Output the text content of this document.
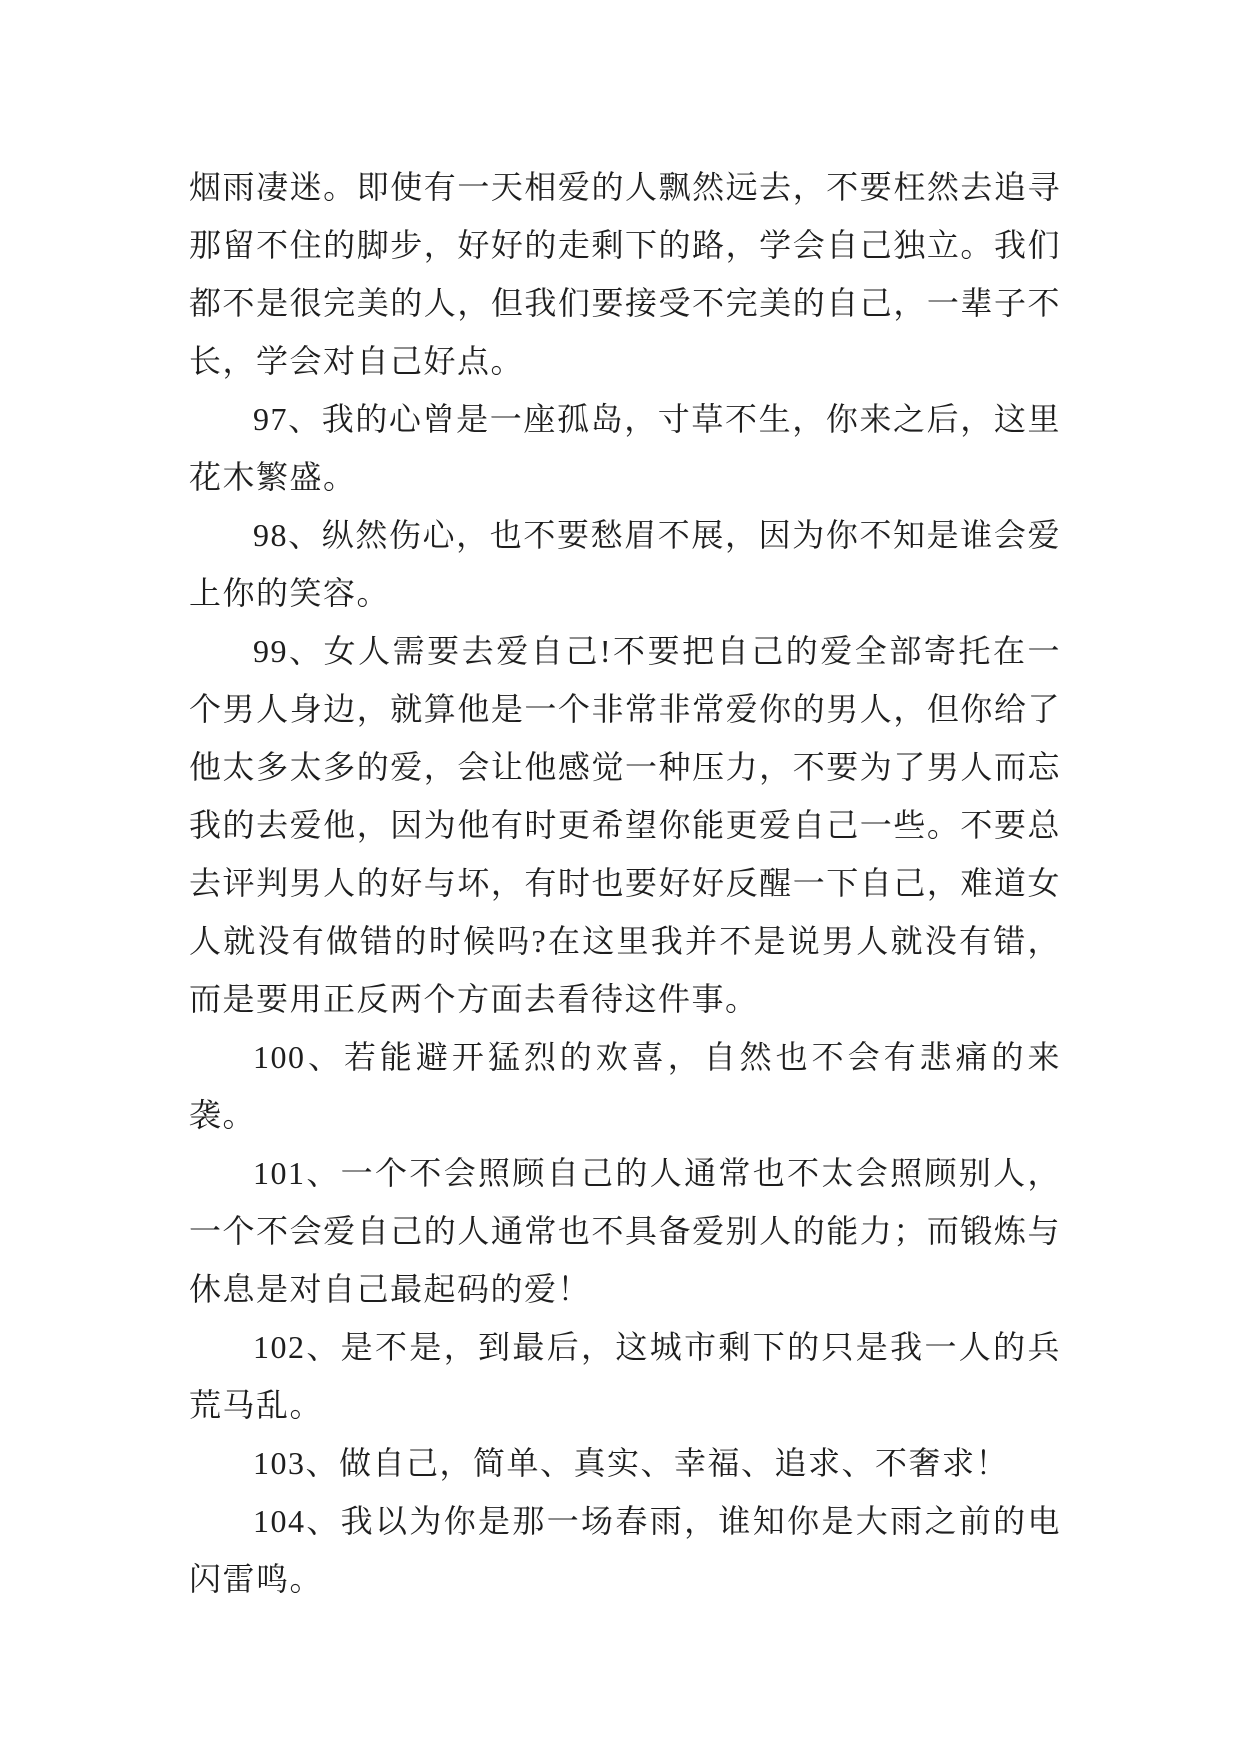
烟雨凄迷。即使有一天相爱的人飘然远去，不要枉然去追寻那留不住的脚步，好好的走剩下的路，学会自己独立。我们都不是很完美的人，但我们要接受不完美的自己，一辈子不长，学会对自己好点。

97、我的心曾是一座孤岛，寸草不生，你来之后，这里花木繁盛。

98、纵然伤心，也不要愁眉不展，因为你不知是谁会爱上你的笑容。

99、女人需要去爱自己!不要把自己的爱全部寄托在一个男人身边，就算他是一个非常非常爱你的男人，但你给了他太多太多的爱，会让他感觉一种压力，不要为了男人而忘我的去爱他，因为他有时更希望你能更爱自己一些。不要总去评判男人的好与坏，有时也要好好反醒一下自己，难道女人就没有做错的时候吗?在这里我并不是说男人就没有错，而是要用正反两个方面去看待这件事。

100、若能避开猛烈的欢喜，自然也不会有悲痛的来袭。

101、一个不会照顾自己的人通常也不太会照顾别人，一个不会爱自己的人通常也不具备爱别人的能力；而锻炼与休息是对自己最起码的爱！

102、是不是，到最后，这城市剩下的只是我一人的兵荒马乱。

103、做自己，简单、真实、幸福、追求、不奢求！

104、我以为你是那一场春雨，谁知你是大雨之前的电闪雷鸣。
